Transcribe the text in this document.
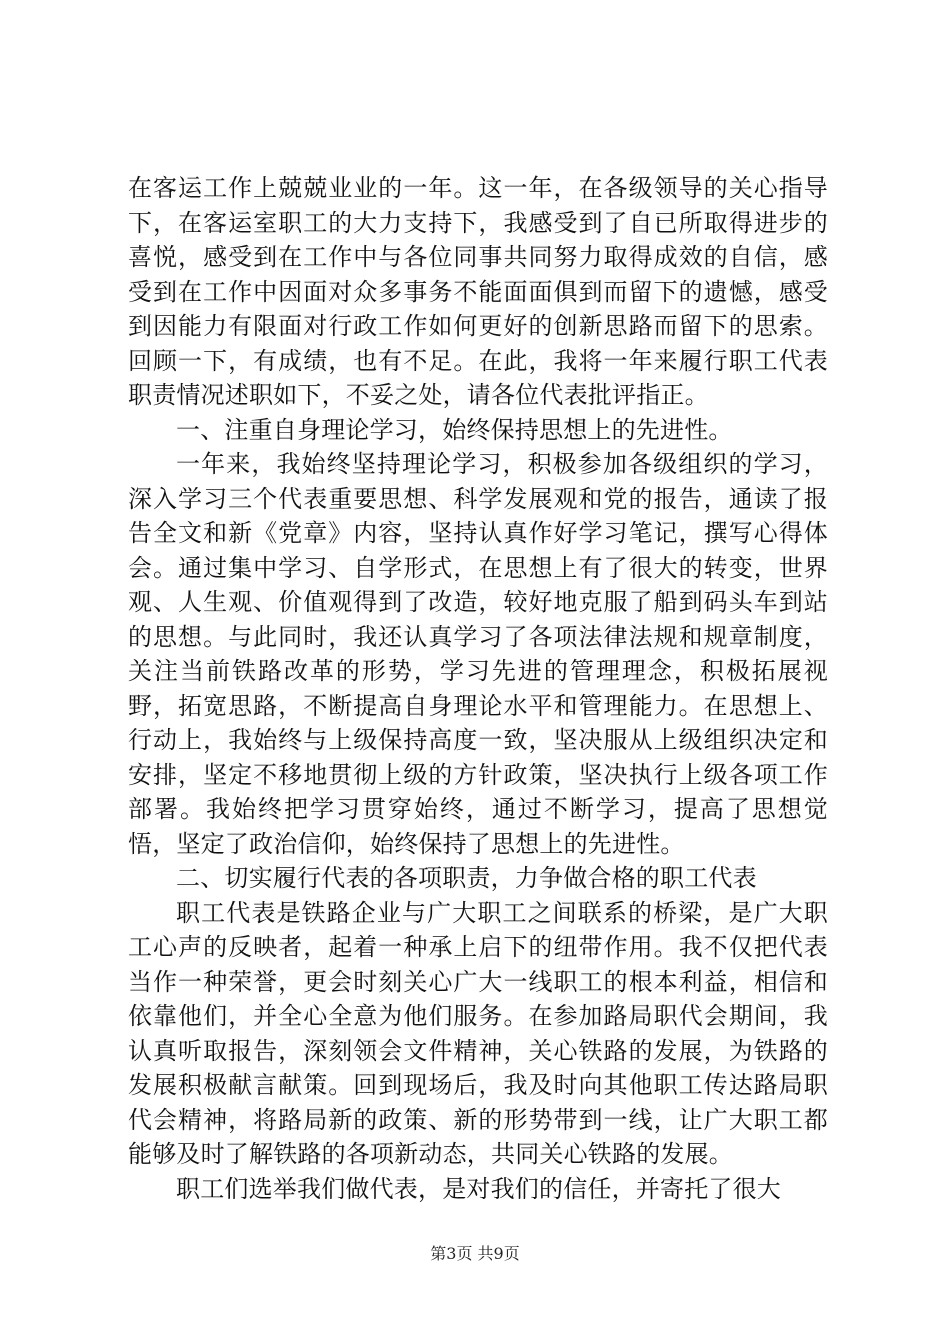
在客运工作上兢兢业业的一年。这一年，在各级领导的关心指导下，在客运室职工的大力支持下，我感受到了自已所取得进步的喜悦，感受到在工作中与各位同事共同努力取得成效的自信，感受到在工作中因面对众多事务不能面面俱到而留下的遗憾，感受到因能力有限面对行政工作如何更好的创新思路而留下的思索。回顾一下，有成绩，也有不足。在此，我将一年来履行职工代表职责情况述职如下，不妥之处，请各位代表批评指正。

一、注重自身理论学习，始终保持思想上的先进性。

一年来，我始终坚持理论学习，积极参加各级组织的学习，深入学习三个代表重要思想、科学发展观和党的报告，通读了报告全文和新《党章》内容，坚持认真作好学习笔记，撰写心得体会。通过集中学习、自学形式，在思想上有了很大的转变，世界观、人生观、价值观得到了改造，较好地克服了船到码头车到站的思想。与此同时，我还认真学习了各项法律法规和规章制度，关注当前铁路改革的形势，学习先进的管理理念，积极拓展视野，拓宽思路，不断提高自身理论水平和管理能力。在思想上、行动上，我始终与上级保持高度一致，坚决服从上级组织决定和安排，坚定不移地贯彻上级的方针政策，坚决执行上级各项工作部署。我始终把学习贯穿始终，通过不断学习，提高了思想觉悟，坚定了政治信仰，始终保持了思想上的先进性。

二、切实履行代表的各项职责，力争做合格的职工代表

职工代表是铁路企业与广大职工之间联系的桥梁，是广大职工心声的反映者，起着一种承上启下的纽带作用。我不仅把代表当作一种荣誉，更会时刻关心广大一线职工的根本利益，相信和依靠他们，并全心全意为他们服务。在参加路局职代会期间，我认真听取报告，深刻领会文件精神，关心铁路的发展，为铁路的发展积极献言献策。回到现场后，我及时向其他职工传达路局职代会精神，将路局新的政策、新的形势带到一线，让广大职工都能够及时了解铁路的各项新动态，共同关心铁路的发展。

职工们选举我们做代表，是对我们的信任，并寄托了很大

第3页 共9页
